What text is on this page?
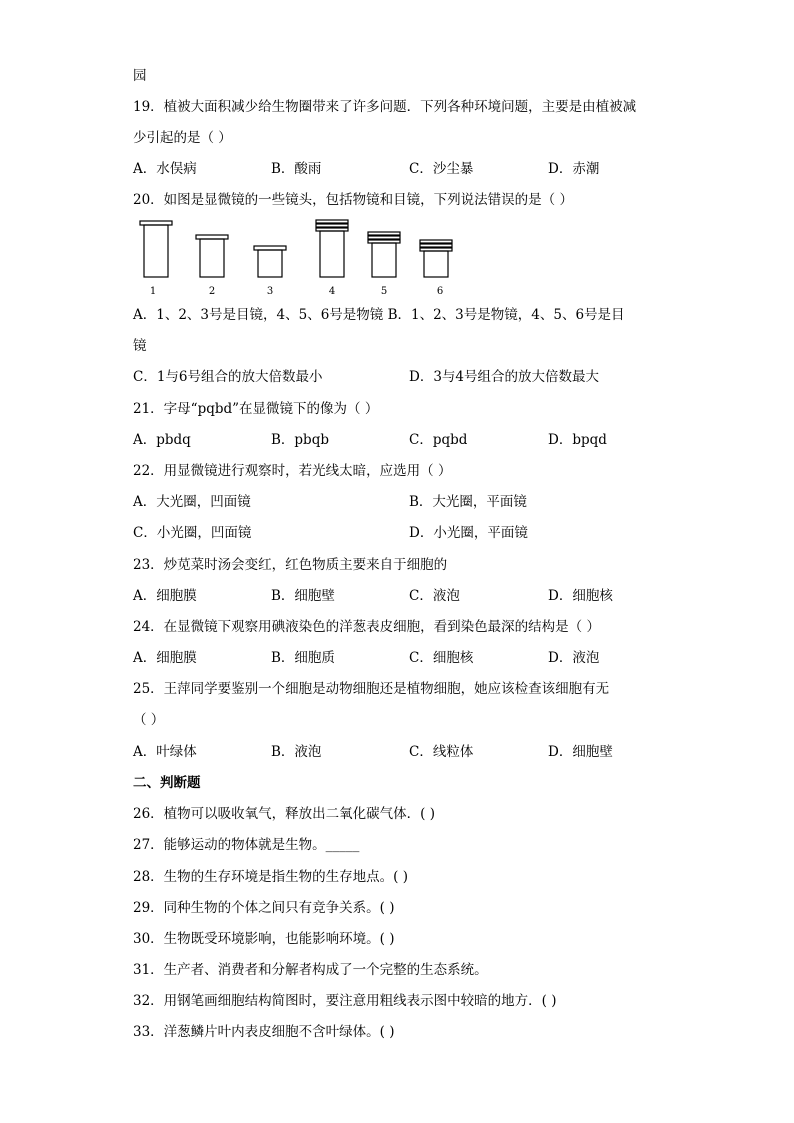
园
19．植被大面积减少给生物圈带来了许多问题．下列各种环境问题，主要是由植被减
少引起的是（ ）
A．水俣病	B．酸雨	C．沙尘暴	D．赤潮
20．如图是显微镜的一些镜头，包括物镜和目镜，下列说法错误的是（ ）
1	2	3	4	5	6
A．1、2、3号是目镜，4、5、6号是物镜 B．1、2、3号是物镜，4、5、6号是目
镜
C．1与6号组合的放大倍数最小	D．3与4号组合的放大倍数最大
21．字母“pqbd”在显微镜下的像为（ ）
A．pbdq	B．pbqb	C．pqbd	D．bpqd
22．用显微镜进行观察时，若光线太暗，应选用（ ）
A．大光圈，凹面镜	B．大光圈，平面镜
C．小光圈，凹面镜	D．小光圈，平面镜
23．炒苋菜时汤会变红，红色物质主要来自于细胞的
A．细胞膜	B．细胞壁	C．液泡	D．细胞核
24．在显微镜下观察用碘液染色的洋葱表皮细胞，看到染色最深的结构是（ ）
A．细胞膜	B．细胞质	C．细胞核	D．液泡
25．王萍同学要鉴别一个细胞是动物细胞还是植物细胞，她应该检查该细胞有无
（ ）
A．叶绿体	B．液泡	C．线粒体	D．细胞壁
二、判断题
26．植物可以吸收氧气，释放出二氧化碳气体．( )
27．能够运动的物体就是生物。_____
28．生物的生存环境是指生物的生存地点。( )
29．同种生物的个体之间只有竞争关系。( )
30．生物既受环境影响，也能影响环境。( )
31．生产者、消费者和分解者构成了一个完整的生态系统。
32．用钢笔画细胞结构简图时，要注意用粗线表示图中较暗的地方．( )
33．洋葱鳞片叶内表皮细胞不含叶绿体。( )
